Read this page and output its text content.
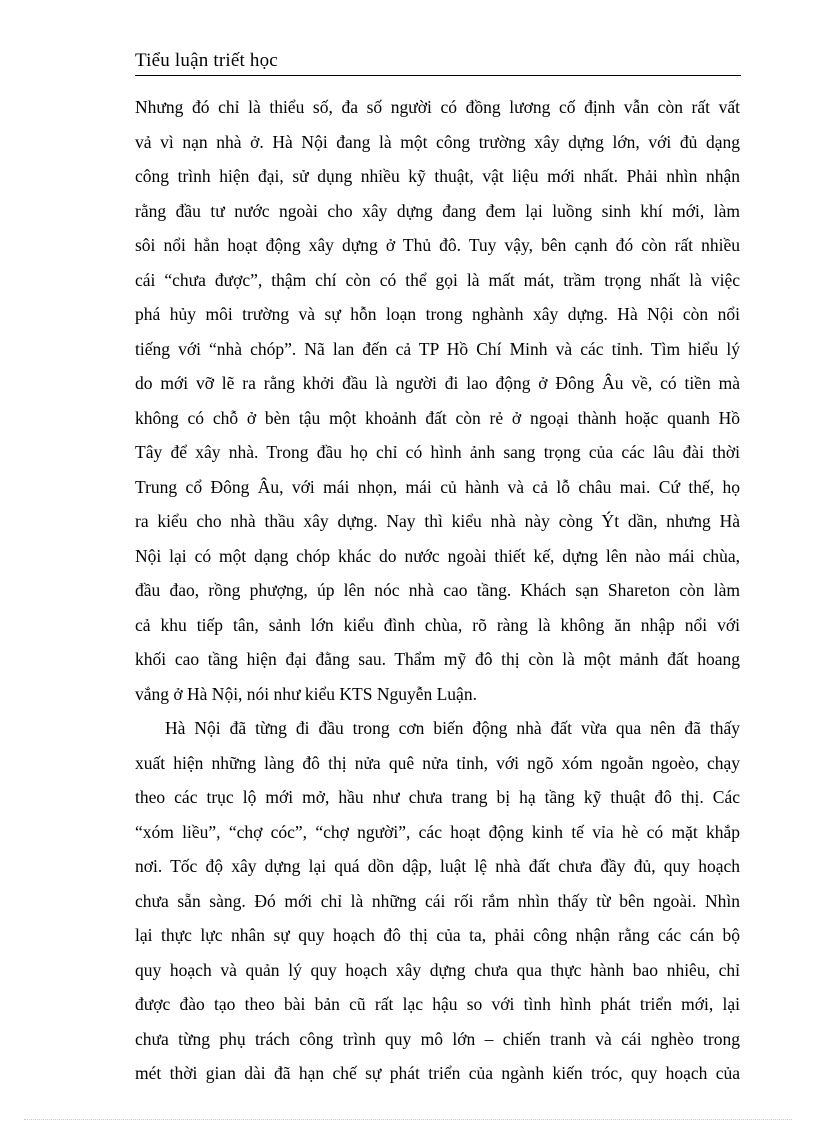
Tiểu luận triết học
Nhưng đó chỉ là thiểu số, đa số người có đồng lương cố định vẫn còn rất vất
vả vì nạn nhà ở. Hà Nội đang là một công trường xây dựng lớn, với đủ dạng
công trình hiện đại, sử dụng nhiều kỹ thuật, vật liệu mới nhất. Phải nhìn nhận
rằng đầu tư nước ngoài cho xây dựng đang đem lại luồng sinh khí mới, làm
sôi nổi hẳn hoạt động xây dựng ở Thủ đô. Tuy vậy, bên cạnh đó còn rất nhiều
cái “chưa được”, thậm chí còn có thể gọi là mất mát, trầm trọng nhất là việc
phá hủy môi trường và sự hỗn loạn trong nghành xây dựng. Hà Nội còn nổi
tiếng với “nhà chóp”. Nã lan đến cả TP Hồ Chí Minh và các tỉnh. Tìm hiểu lý
do mới vỡ lẽ ra rằng khởi đầu là người đi lao động ở Đông Âu về, có tiền mà
không có chỗ ở bèn tậu một khoảnh đất còn rẻ ở ngoại thành hoặc quanh Hồ
Tây để xây nhà. Trong đầu họ chỉ có hình ảnh sang trọng của các lâu đài thời
Trung cổ Đông Âu, với mái nhọn, mái củ hành và cả lỗ châu mai. Cứ thế, họ
ra kiểu cho nhà thầu xây dựng. Nay thì kiểu nhà này còng Ýt dần, nhưng Hà
Nội lại có một dạng chóp khác do nước ngoài thiết kế, dựng lên nào mái chùa,
đầu đao, rồng phượng, úp lên nóc nhà cao tầng. Khách sạn Shareton còn làm
cả khu tiếp tân, sảnh lớn kiểu đình chùa, rõ ràng là không ăn nhập nổi với
khối cao tầng hiện đại đằng sau. Thẩm mỹ đô thị còn là một mảnh đất hoang
vắng ở Hà Nội, nói như kiểu KTS Nguyễn Luận.
Hà Nội đã từng đi đầu trong cơn biến động nhà đất vừa qua nên đã thấy
xuất hiện những làng đô thị nửa quê nửa tỉnh, với ngõ xóm ngoằn ngoèo, chạy
theo các trục lộ mới mở, hầu như chưa trang bị hạ tầng kỹ thuật đô thị. Các
“xóm liều”, “chợ cóc”, “chợ người”, các hoạt động kinh tế vỉa hè có mặt khắp
nơi. Tốc độ xây dựng lại quá dồn dập, luật lệ nhà đất chưa đầy đủ, quy hoạch
chưa sẵn sàng. Đó mới chỉ là những cái rối rắm nhìn thấy từ bên ngoài. Nhìn
lại thực lực nhân sự quy hoạch đô thị của ta, phải công nhận rằng các cán bộ
quy hoạch và quản lý quy hoạch xây dựng chưa qua thực hành bao nhiêu, chỉ
được đào tạo theo bài bản cũ rất lạc hậu so với tình hình phát triển mới, lại
chưa từng phụ trách công trình quy mô lớn – chiến tranh và cái nghèo trong
mét thời gian dài đã hạn chế sự phát triển của ngành kiến tróc, quy hoạch của
